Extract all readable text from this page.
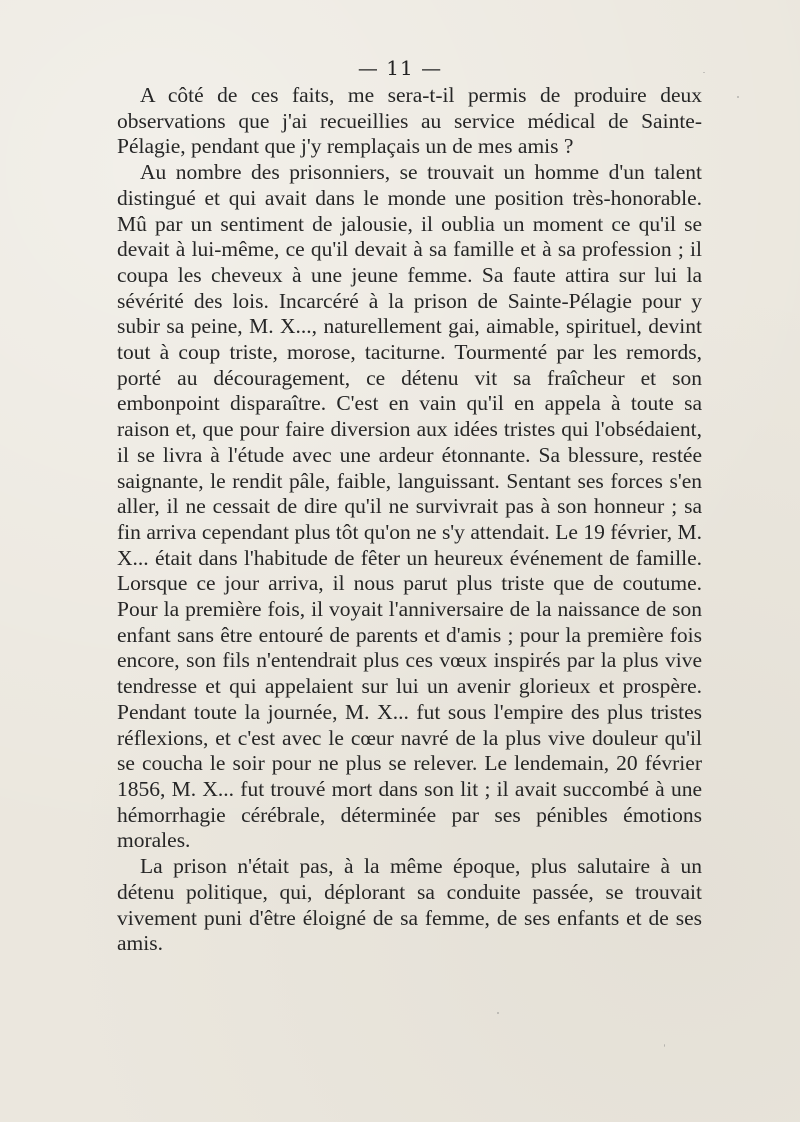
— 11 —

A côté de ces faits, me sera-t-il permis de produire deux observations que j'ai recueillies au service médical de Sainte-Pélagie, pendant que j'y remplaçais un de mes amis ?

Au nombre des prisonniers, se trouvait un homme d'un talent distingué et qui avait dans le monde une position très-honorable. Mû par un sentiment de jalousie, il oublia un moment ce qu'il se devait à lui-même, ce qu'il devait à sa famille et à sa profession ; il coupa les cheveux à une jeune femme. Sa faute attira sur lui la sévérité des lois. Incarcéré à la prison de Sainte-Pélagie pour y subir sa peine, M. X..., naturellement gai, aimable, spirituel, devint tout à coup triste, morose, taciturne. Tourmenté par les remords, porté au découragement, ce détenu vit sa fraîcheur et son embonpoint disparaître. C'est en vain qu'il en appela à toute sa raison et, que pour faire diversion aux idées tristes qui l'obsédaient, il se livra à l'étude avec une ardeur étonnante. Sa blessure, restée saignante, le rendit pâle, faible, languissant. Sentant ses forces s'en aller, il ne cessait de dire qu'il ne survivrait pas à son honneur ; sa fin arriva cependant plus tôt qu'on ne s'y attendait. Le 19 février, M. X... était dans l'habitude de fêter un heureux événement de famille. Lorsque ce jour arriva, il nous parut plus triste que de coutume. Pour la première fois, il voyait l'anniversaire de la naissance de son enfant sans être entouré de parents et d'amis ; pour la première fois encore, son fils n'entendrait plus ces vœux inspirés par la plus vive tendresse et qui appelaient sur lui un avenir glorieux et prospère. Pendant toute la journée, M. X... fut sous l'empire des plus tristes réflexions, et c'est avec le cœur navré de la plus vive douleur qu'il se coucha le soir pour ne plus se relever. Le lendemain, 20 février 1856, M. X... fut trouvé mort dans son lit ; il avait succombé à une hémorrhagie cérébrale, déterminée par ses pénibles émotions morales.

La prison n'était pas, à la même époque, plus salutaire à un détenu politique, qui, déplorant sa conduite passée, se trouvait vivement puni d'être éloigné de sa femme, de ses enfants et de ses amis.
